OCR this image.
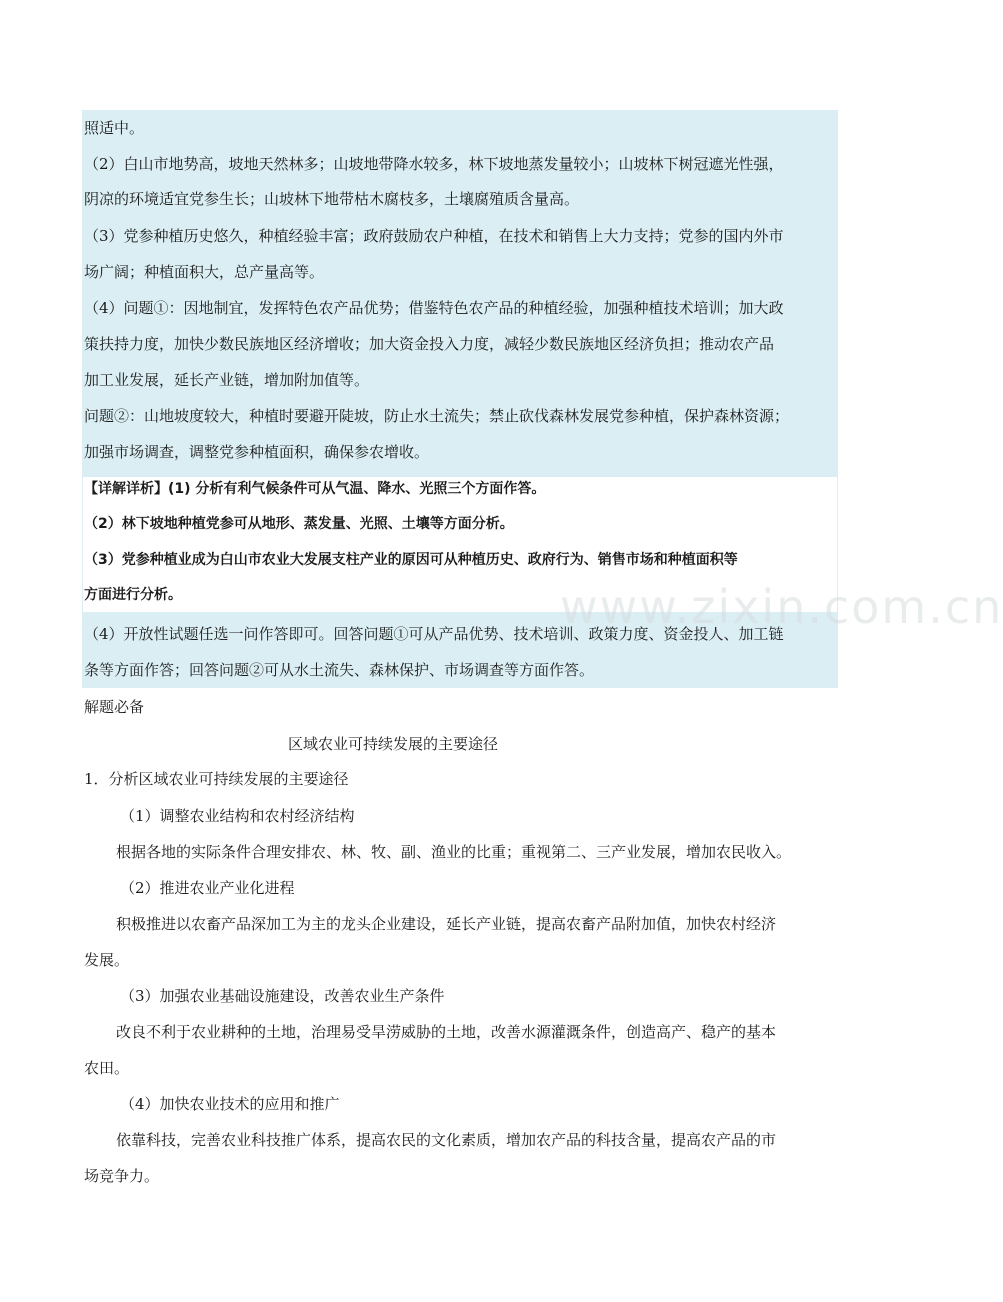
www.zixin.com.cn
照适中。
（2）白山市地势高，坡地天然林多；山坡地带降水较多，林下坡地蒸发量较小；山坡林下树冠遮光性强，
阴凉的环境适宜党参生长；山坡林下地带枯木腐枝多，土壤腐殖质含量高。
（3）党参种植历史悠久，种植经验丰富；政府鼓励农户种植，在技术和销售上大力支持；党参的国内外市
场广阔；种植面积大，总产量高等。
（4）问题①：因地制宜，发挥特色农产品优势；借鉴特色农产品的种植经验，加强种植技术培训；加大政
策扶持力度，加快少数民族地区经济增收；加大资金投入力度，减轻少数民族地区经济负担；推动农产品
加工业发展，延长产业链，增加附加值等。
问题②：山地坡度较大，种植时要避开陡坡，防止水土流失；禁止砍伐森林发展党参种植，保护森林资源；
加强市场调查，调整党参种植面积，确保参农增收。
【详解详析】(1) 分析有利气候条件可从气温、降水、光照三个方面作答。
（2）林下坡地种植党参可从地形、蒸发量、光照、土壤等方面分析。
（3）党参种植业成为白山市农业大发展支柱产业的原因可从种植历史、政府行为、销售市场和种植面积等
方面进行分析。
（4）开放性试题任选一问作答即可。回答问题①可从产品优势、技术培训、政策力度、资金投人、加工链
条等方面作答；回答问题②可从水土流失、森林保护、市场调查等方面作答。
解题必备
区域农业可持续发展的主要途径
1．分析区域农业可持续发展的主要途径
（1）调整农业结构和农村经济结构
根据各地的实际条件合理安排农、林、牧、副、渔业的比重；重视第二、三产业发展，增加农民收入。
（2）推进农业产业化进程
积极推进以农畜产品深加工为主的龙头企业建设，延长产业链，提高农畜产品附加值，加快农村经济
发展。
（3）加强农业基础设施建设，改善农业生产条件
改良不利于农业耕种的土地，治理易受旱涝威胁的土地，改善水源灌溉条件，创造高产、稳产的基本
农田。
（4）加快农业技术的应用和推广
依靠科技，完善农业科技推广体系，提高农民的文化素质，增加农产品的科技含量，提高农产品的市
场竞争力。
